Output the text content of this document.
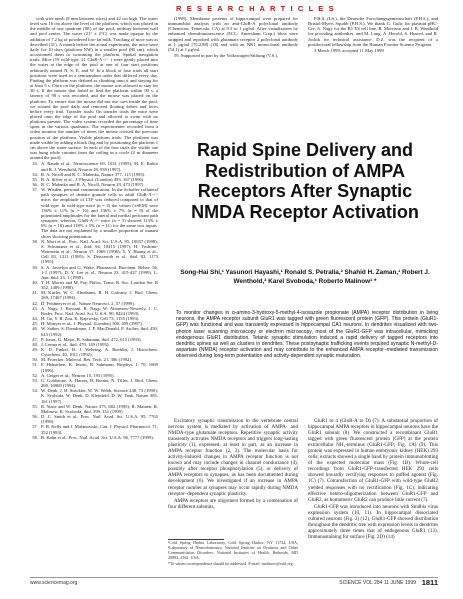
R E S E A R C H A R T I C L E S

with wire mesh (8 mm between wires) and 42 cm high. The water level was 16 cm above the level of the platform, which was placed in the middle of one quadrant (SE) of the pool, midway between wall and pool center. The water (21° ± 2°C) was made opaque by the addition of 7.2 kg of powdered low-fat milk. Tracking of mice was as described (31). A month before the actual experiment, the mice were daily for 10 days (platform NW) in a smaller pool (80 cm), which accustomed them to swimming the platform. Spatial navigation trials: Mice (19 wild-type, 21 GluR-A−/− ) were gently placed into the water at the edge of the pool at one of four start positions arbitrarily named N, S, E, and W. In a block of four trials all start positions were used in a semirandom order that differed every day. Finding the platform was defined as climbing onto it and staying for at least 5 s. Once on the platform, the mouse was allowed to stay for 30 s. If the mouse that failed to find the platform within 90 s, a latency of 90 s was recorded, and the mouse was placed on the platform. To ensure that the mouse did not use cues inside the pool, we rotated the pool daily and removed floating debris and feces before every trial. Transfer trials: On transfer trials the mice were placed onto the edge of the pool and allowed to swim with no platform present. The video system recorded the percentage of time spent in the various quadrants. The experimenter recorded from a video monitor the number of times the mouse crossed the previous position of the platform. Visible platform trials: The platform was made visible by adding a black flag and by positioning the platform 1 cm above the water surface. In each of the four trials the visible cue was hung while curtains from the ceiling in a circle (2 m diameter around the pool).

33. A. Baude et al., Neuroscience 69, 1031 (1995); M. E. Rubio and R. J. Wenthold, Neuron 18, 939 (1997).
34. R. A. Nicoll and R. C. Malenka, Nature 377, 115 (1995).
35. R. A. Silver et al., J. Physiol. (London) 493, 167 (1996).
36. R. C. Malenka and R. A. Nicoll, Neuron 19, 473 (1997).
37. W. Wisden, personal communication. In the Schaffer collateral path synapses of dentate granule cells in adult GluR-A−/− mice, the amplitude of LTP was reduced compared to that of wild type. In wild-type mice (n = 4) the values (±SEM) were 136% ± 11% (n = 16) and 136% ± 7% (n = 8) of the potentiated amplitudes for the lateral and medial perforant path synapses; whereas, GluR-A−/− mice (n = 5) showed 113% ± 6% (n = 10) and 118% ± 5% (n = 11) for the same two inputs. The data are not explained by a smaller proportion of mutant slices showing potentiation.
38. N. Mori et al., Proc. Natl. Acad. Sci. U.S.A. 95, 10037 (1998); S. Schumann et al., ibid. 94, 10415 (1997); H. Yoshimi-Weinstein et al., Neuron 17, 1069 (1996); Y. Y. Huang et al., Cell 83, 1211 (1995); S. Deisseroth et al., ibid. 82, 1173 (1995).
39. S. A. Josselyn and G. Wake, Pharmacol. Biochem. Behav. 56, 1-1 (1997); D. Y. Lee et al., Neuron 23, 415-427 (1999). L. Jian, ibid. 23, 1 (1999).
40. T. H. Morris and M. Fay, Philos. Trans. R. Soc. London Ser. B 352, 1489 (1998).
41. M. Kittler, W. C. Abrahams, R. H. Galvany, J. Biol. Chem. 269, 17467 (1994).
42. D. Feldmeyer et al., Nature Neurosci. 2, 57 (1999).
43. A. Nagy, J. Rossant, R. Nagy, W. Abramow-Newerly, J. C. Roder, Proc. Natl. Acad. Sci. U.S.A. 90, 8424 (1993).
44. H. Gu, Y. R. Zou, K. Rajewsky, Cell 73, 1155 (1993).
45. H. Monyer et al., J. Physiol. (London) 500, 409 (1997).
46. W. Sather, S. Dieudonne, J. F. MacDonald, P. Ascher, ibid. 450, 643 (1992).
47. P. Jonas, G. Major, B. Sakmann, ibid. 472, 615 (1993).
48. J. Lerma et al., ibid. 470, 149 (1993).
49. K. D. Pinkel, B. J. Wehring, A. Ruehlin, J. Histochem. Cytochem. 40, 1011 (1992).
50. M. Froecker, Molecul. Res. Tech. 21, 306 (1992).
51. F. Helmchen, K. Imoto, B. Sakmann, Biophys. J. 70, 1069 (1996).
52. A. Geiger et al., Neuron 15, 193 (1995).
53. G. Goldstone, A. Harzer, B. Bonter, N. Tilles, J. Biol. Chem. 269, 16969 (1994).
54. W. Denk, J. H. Strickler, W. W. Webb, Science 248, 73 (1990); K. Svoboda, W. Denk, D. Kleinfeld, D. W. Tank, Nature 385, 161 (1997).
55. R. Yuste and W. Denk, Nature 375, 682 (1995); R. Mainen, R. Malinow, K. Svoboda, ibid. 399, 151 (1999).
56. D. C. Smith et al., Proc. Natl. Acad. Sci. U.S.A. 95, 7765 (1998).
57. P. H. Kelly and J. Malanowski, Can. J. Physiol. Pharmacol. 71, 352 (1993).
58. R. Kahn et al., Proc. Natl. Acad. Sci. U.S.A. 96, 7777 (1999).

(1998). Membrane proteins of hippocampal were prepared for immunoblot analysis with an anti-GluR-A polyclonal antibody (Chemicon, Temecula, CA) at 0.5 to 1 μg/ml. After visualization by enhanced chemiluminescence (ECL; Amersham Corp.) blots were stripped and reprobed with glutamate receptor 2 polyclonal antibody at 1 μg/ml [7G2.88] (18) and with an NR1 monoclonal antibody (54.1) at 1 μg/ml.

59. Supported in part by the Volkswagen-Stiftung (V.S.),

P.H.S. (I.S.), the Deutsche Forschungsgemeinschaft (P.H.S.), and Bristol-Myers Squibb (P.H.S.). We thank G. Gulic for plasmid pHC-Cre, A. Nagy for the R1 ES cell line, R. Morrison and J. R. Wenthold for providing antibodies, and M. Lang, A. Herold, S. Husted, and R. Jochik for technical assistance. D.Z. was the recipient of a postdoctoral fellowship from the Human Frontier Science Program.

3 March 1999; accepted 11 May 1999

Rapid Spine Delivery and Redistribution of AMPA Receptors After Synaptic NMDA Receptor Activation
Song-Hai Shi,¹ Yasunori Hayashi,¹ Ronald S. Petralia,² Shahid H. Zaman,¹ Robert J. Wenthold,² Karel Svoboda,¹ Roberto Malinow¹ *
To monitor changes in α-amino-3-hydroxy-5-methyl-4-isoxazole propionate (AMPA) receptor distribution in living neurons, the AMPA receptor subunit GluR1 was tagged with green fluorescent protein (GFP). This protein (GluR1-GFP) was functional and was transiently expressed in hippocampal CA1 neurons. In dendrites visualized with two-photon laser scanning microscopy or electron microscopy, most of the GluR1-GFP was intracellular, mimicking endogenous GluR1 distribution. Tetanic synaptic stimulation induced a rapid delivery of tagged receptors into dendritic spines as well as clusters in dendrites. These postsynaptic trafficking events required synaptic N-methyl-D-aspartate (NMDA) receptor activation and may contribute to the enhanced AMPA receptor–mediated transmission observed during long-term potentiation and activity-dependent synaptic maturation.

Excitatory synaptic transmission in the vertebrate central nervous system is mediated by activation of AMPA- and NMDA-type glutamate receptors. Repetitive synaptic activity transiently activates NMDA receptors and triggers long-lasting plasticity (1), expressed, at least in part, as an increase in AMPA receptor function (2, 3). The molecular basis for activity-induced changes in AMPA receptor function is not known and may include changes in channel conductance (4), possibly after receptor phosphorylation (5), or delivery of AMPA receptors to synapses, as has been documented during development (6). We investigated if an increase in AMPA receptor number at synapses may occur rapidly during NMDA receptor–dependent synaptic plasticity.

AMPA receptors are oligomers formed by a combination of four different subunits,

¹Cold Spring Harbor Laboratory, Cold Spring Harbor, NY 11724, USA. ²Laboratory of Neurochemistry, National Institute on Deafness and Other Communication Disorders, National Institutes of Health, Bethesda, MD 20892–4162, USA.
*To whom correspondence should be addressed. E-mail: malinow@cshl.org

GluR1 to 4 (GluR-A to D) (7). A substantial proportion of hippocampal AMPA receptors in hippocampal neurons have the GluR1 subunit (8). We constructed a recombinant GluR1 tagged with green fluorescent protein (GFP) at the protein extracellular NH₂-terminus (GluR1-GFP; Fig. 1A) (9). This protein was expressed in human embryonic kidney (HEK) 293 cells; extracts showed a single band by protein immunoblotting of the expected molecular mass (Fig. 1B). Whole-cell recordings from GluR1-GFP–transfected HEK 293 cells showed inwardly rectifying responses to puffed agonist (Fig. 1C) (7). Cotransfection of GluR1-GFP with wild-type GluR2 yielded responses with no rectification (Fig. 1C), indicating effective hetero-oligomerization between GluR1-GFP and GluR2, as homomeric GluR2 can produce little current (7).

GluR1-GFP was introduced into neurons with Sindbis virus expression system (10, 11). In hippocampal dissociated cultured neurons (Fig. 2) (12), GluR1-GFP showed distribution throughout the dendritic tree with expression levels in dendrites approximately three times that of endogenous GluR1 (13). Immunostaining for surface (Fig. 2D) (14)

www.sciencemag.org	SCIENCE VOL 284 11 JUNE 1999 1811
